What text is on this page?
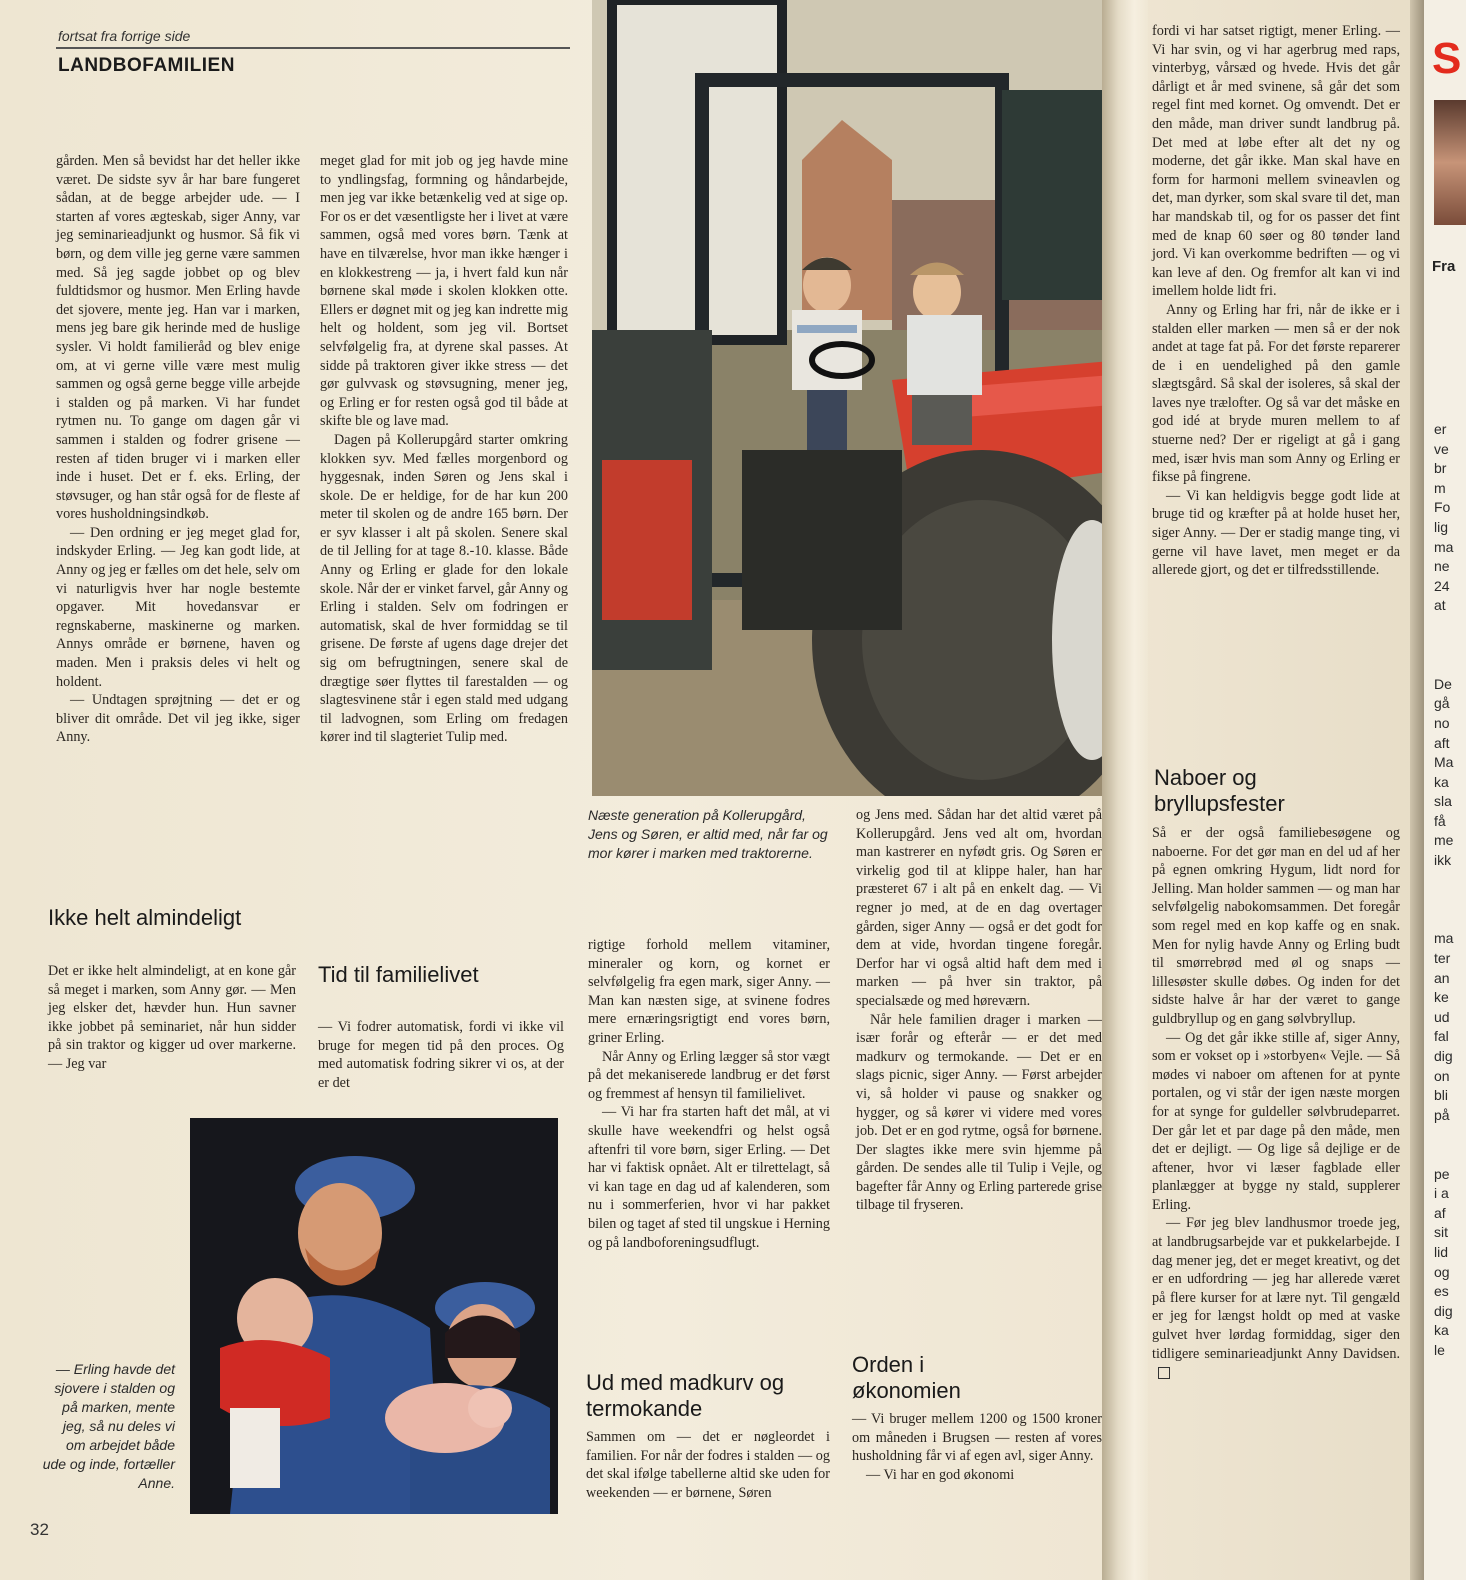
fortsat fra forrige side
LANDBOFAMILIEN

gården. Men så bevidst har det heller ikke været. De sidste syv år har bare fungeret sådan, at de begge arbejder ude. — I starten af vores ægteskab, siger Anny, var jeg seminarieadjunkt og husmor. Så fik vi børn, og dem ville jeg gerne være sammen med. Så jeg sagde jobbet op og blev fuldtidsmor og husmor. Men Erling havde det sjovere, mente jeg. Han var i marken, mens jeg bare gik herinde med de huslige sysler. Vi holdt familieråd og blev enige om, at vi gerne ville være mest mulig sammen og også gerne begge ville arbejde i stalden og på marken. Vi har fundet rytmen nu. To gange om dagen går vi sammen i stalden og fodrer grisene — resten af tiden bruger vi i marken eller inde i huset. Det er f. eks. Erling, der støvsuger, og han står også for de fleste af vores husholdningsindkøb.

— Den ordning er jeg meget glad for, indskyder Erling. — Jeg kan godt lide, at Anny og jeg er fælles om det hele, selv om vi naturligvis hver har nogle bestemte opgaver. Mit hovedansvar er regnskaberne, maskinerne og marken. Annys område er børnene, haven og maden. Men i praksis deles vi helt og holdent.

— Undtagen sprøjtning — det er og bliver dit område. Det vil jeg ikke, siger Anny.

Ikke helt almindeligt

Det er ikke helt almindeligt, at en kone går så meget i marken, som Anny gør. — Men jeg elsker det, hævder hun. Hun savner ikke jobbet på seminariet, når hun sidder på sin traktor og kigger ud over markerne. — Jeg var

meget glad for mit job og jeg havde mine to yndlingsfag, formning og håndarbejde, men jeg var ikke betænkelig ved at sige op. For os er det væsentligste her i livet at være sammen, også med vores børn. Tænk at have en tilværelse, hvor man ikke hænger i en klokkestreng — ja, i hvert fald kun når børnene skal møde i skolen klokken otte. Ellers er døgnet mit og jeg kan indrette mig helt og holdent, som jeg vil. Bortset selvfølgelig fra, at dyrene skal passes. At sidde på traktoren giver ikke stress — det gør gulvvask og støvsugning, mener jeg, og Erling er for resten også god til både at skifte ble og lave mad.

Dagen på Kollerupgård starter omkring klokken syv. Med fælles morgenbord og hyggesnak, inden Søren og Jens skal i skole. De er heldige, for de har kun 200 meter til skolen og de andre 165 børn. Der er syv klasser i alt på skolen. Senere skal de til Jelling for at tage 8.-10. klasse. Både Anny og Erling er glade for den lokale skole. Når der er vinket farvel, går Anny og Erling i stalden. Selv om fodringen er automatisk, skal de hver formiddag se til grisene. De første af ugens dage drejer det sig om befrugtningen, senere skal de drægtige søer flyttes til farestalden — og slagtesvinene står i egen stald med udgang til ladvognen, som Erling om fredagen kører ind til slagteriet Tulip med.

Tid til familielivet

— Vi fodrer automatisk, fordi vi ikke vil bruge for megen tid på den proces. Og med automatisk fodring sikrer vi os, at der er det

Næste generation på Kollerupgård, Jens og Søren, er altid med, når far og mor kører i marken med traktorerne.

og Jens med. Sådan har det altid været på Kollerupgård. Jens ved alt om, hvordan man kastrerer en nyfødt gris. Og Søren er virkelig god til at klippe haler, han har præsteret 67 i alt på en enkelt dag. — Vi regner jo med, at de en dag overtager gården, siger Anny — også er det godt for dem at vide, hvordan tingene foregår. Derfor har vi også altid haft dem med i marken — på hver sin traktor, på specialsæde og med høreværn.

Når hele familien drager i marken — især forår og efterår — er det med madkurv og termokande. — Det er en slags picnic, siger Anny. — Først arbejder vi, så holder vi pause og snakker og hygger, og så kører vi videre med vores job. Det er en god rytme, også for børnene. Der slagtes ikke mere svin hjemme på gården. De sendes alle til Tulip i Vejle, og bagefter får Anny og Erling parterede grise tilbage til fryseren.

Orden i økonomien

— Vi bruger mellem 1200 og 1500 kroner om måneden i Brugsen — resten af vores husholdning får vi af egen avl, siger Anny.

— Vi har en god økonomi

rigtige forhold mellem vitaminer, mineraler og korn, og kornet er selvfølgelig fra egen mark, siger Anny. — Man kan næsten sige, at svinene fodres mere ernæringsrigtigt end vores børn, griner Erling.

Når Anny og Erling lægger så stor vægt på det mekaniserede landbrug er det først og fremmest af hensyn til familielivet.

— Vi har fra starten haft det mål, at vi skulle have weekendfri og helst også aftenfri til vore børn, siger Erling. — Det har vi faktisk opnået. Alt er tilrettelagt, så vi kan tage en dag ud af kalenderen, som nu i sommerferien, hvor vi har pakket bilen og taget af sted til ungskue i Herning og på landboforeningsudflugt.

Ud med madkurv og termokande

Sammen om — det er nøgleordet i familien. For når der fodres i stalden — og det skal ifølge tabellerne altid ske uden for weekenden — er børnene, Søren

— Erling havde det sjovere i stalden og på marken, mente jeg, så nu deles vi om arbejdet både ude og inde, fortæller Anne.

fordi vi har satset rigtigt, mener Erling. — Vi har svin, og vi har agerbrug med raps, vinterbyg, vårsæd og hvede. Hvis det går dårligt et år med svinene, så går det som regel fint med kornet. Og omvendt. Det er den måde, man driver sundt landbrug på. Det med at løbe efter alt det ny og moderne, det går ikke. Man skal have en form for harmoni mellem svineavlen og det, man dyrker, som skal svare til det, man har mandskab til, og for os passer det fint med de knap 60 søer og 80 tønder land jord. Vi kan overkomme bedriften — og vi kan leve af den. Og fremfor alt kan vi ind imellem holde lidt fri.

Anny og Erling har fri, når de ikke er i stalden eller marken — men så er der nok andet at tage fat på. For det første reparerer de i en uendelighed på den gamle slægtsgård. Så skal der isoleres, så skal der laves nye trælofter. Og så var det måske en god idé at bryde muren mellem to af stuerne ned? Der er rigeligt at gå i gang med, især hvis man som Anny og Erling er fikse på fingrene.

— Vi kan heldigvis begge godt lide at bruge tid og kræfter på at holde huset her, siger Anny. — Der er stadig mange ting, vi gerne vil have lavet, men meget er da allerede gjort, og det er tilfredsstillende.

Naboer og bryllupsfester

Så er der også familiebesøgene og naboerne. For det gør man en del ud af her på egnen omkring Hygum, lidt nord for Jelling. Man holder sammen — og man har selvfølgelig nabokomsammen. Det foregår som regel med en kop kaffe og en snak. Men for nylig havde Anny og Erling budt til smørrebrød med øl og snaps — lillesøster skulle døbes. Og inden for det sidste halve år har der været to gange guldbryllup og en gang sølvbryllup.

— Og det går ikke stille af, siger Anny, som er vokset op i »storbyen« Vejle. — Så mødes vi naboer om aftenen for at pynte portalen, og vi står der igen næste morgen for at synge for guldeller sølvbrudeparret. Der går let et par dage på den måde, men det er dejligt. — Og lige så dejlige er de aftener, hvor vi læser fagblade eller planlægger at bygge ny stald, supplerer Erling.

— Før jeg blev landhusmor troede jeg, at landbrugsarbejde var et pukkelarbejde. I dag mener jeg, det er meget kreativt, og det er en udfordring — jeg har allerede været på flere kurser for at lære nyt. Til gengæld er jeg for længst holdt op med at vaske gulvet hver lørdag formiddag, siger den tidligere seminarieadjunkt Anny Davidsen.

S
Fra
er
ve
br
m
Fo
lig
ma
ne
24
at
De
gå
no
aft
Ma
ka
sla
få
me
ikk
ma
ter
an
ke
ud
fal
dig
on
bli
på
pe
i a
af
sit
lid
og
es
dig
ka
le
32
